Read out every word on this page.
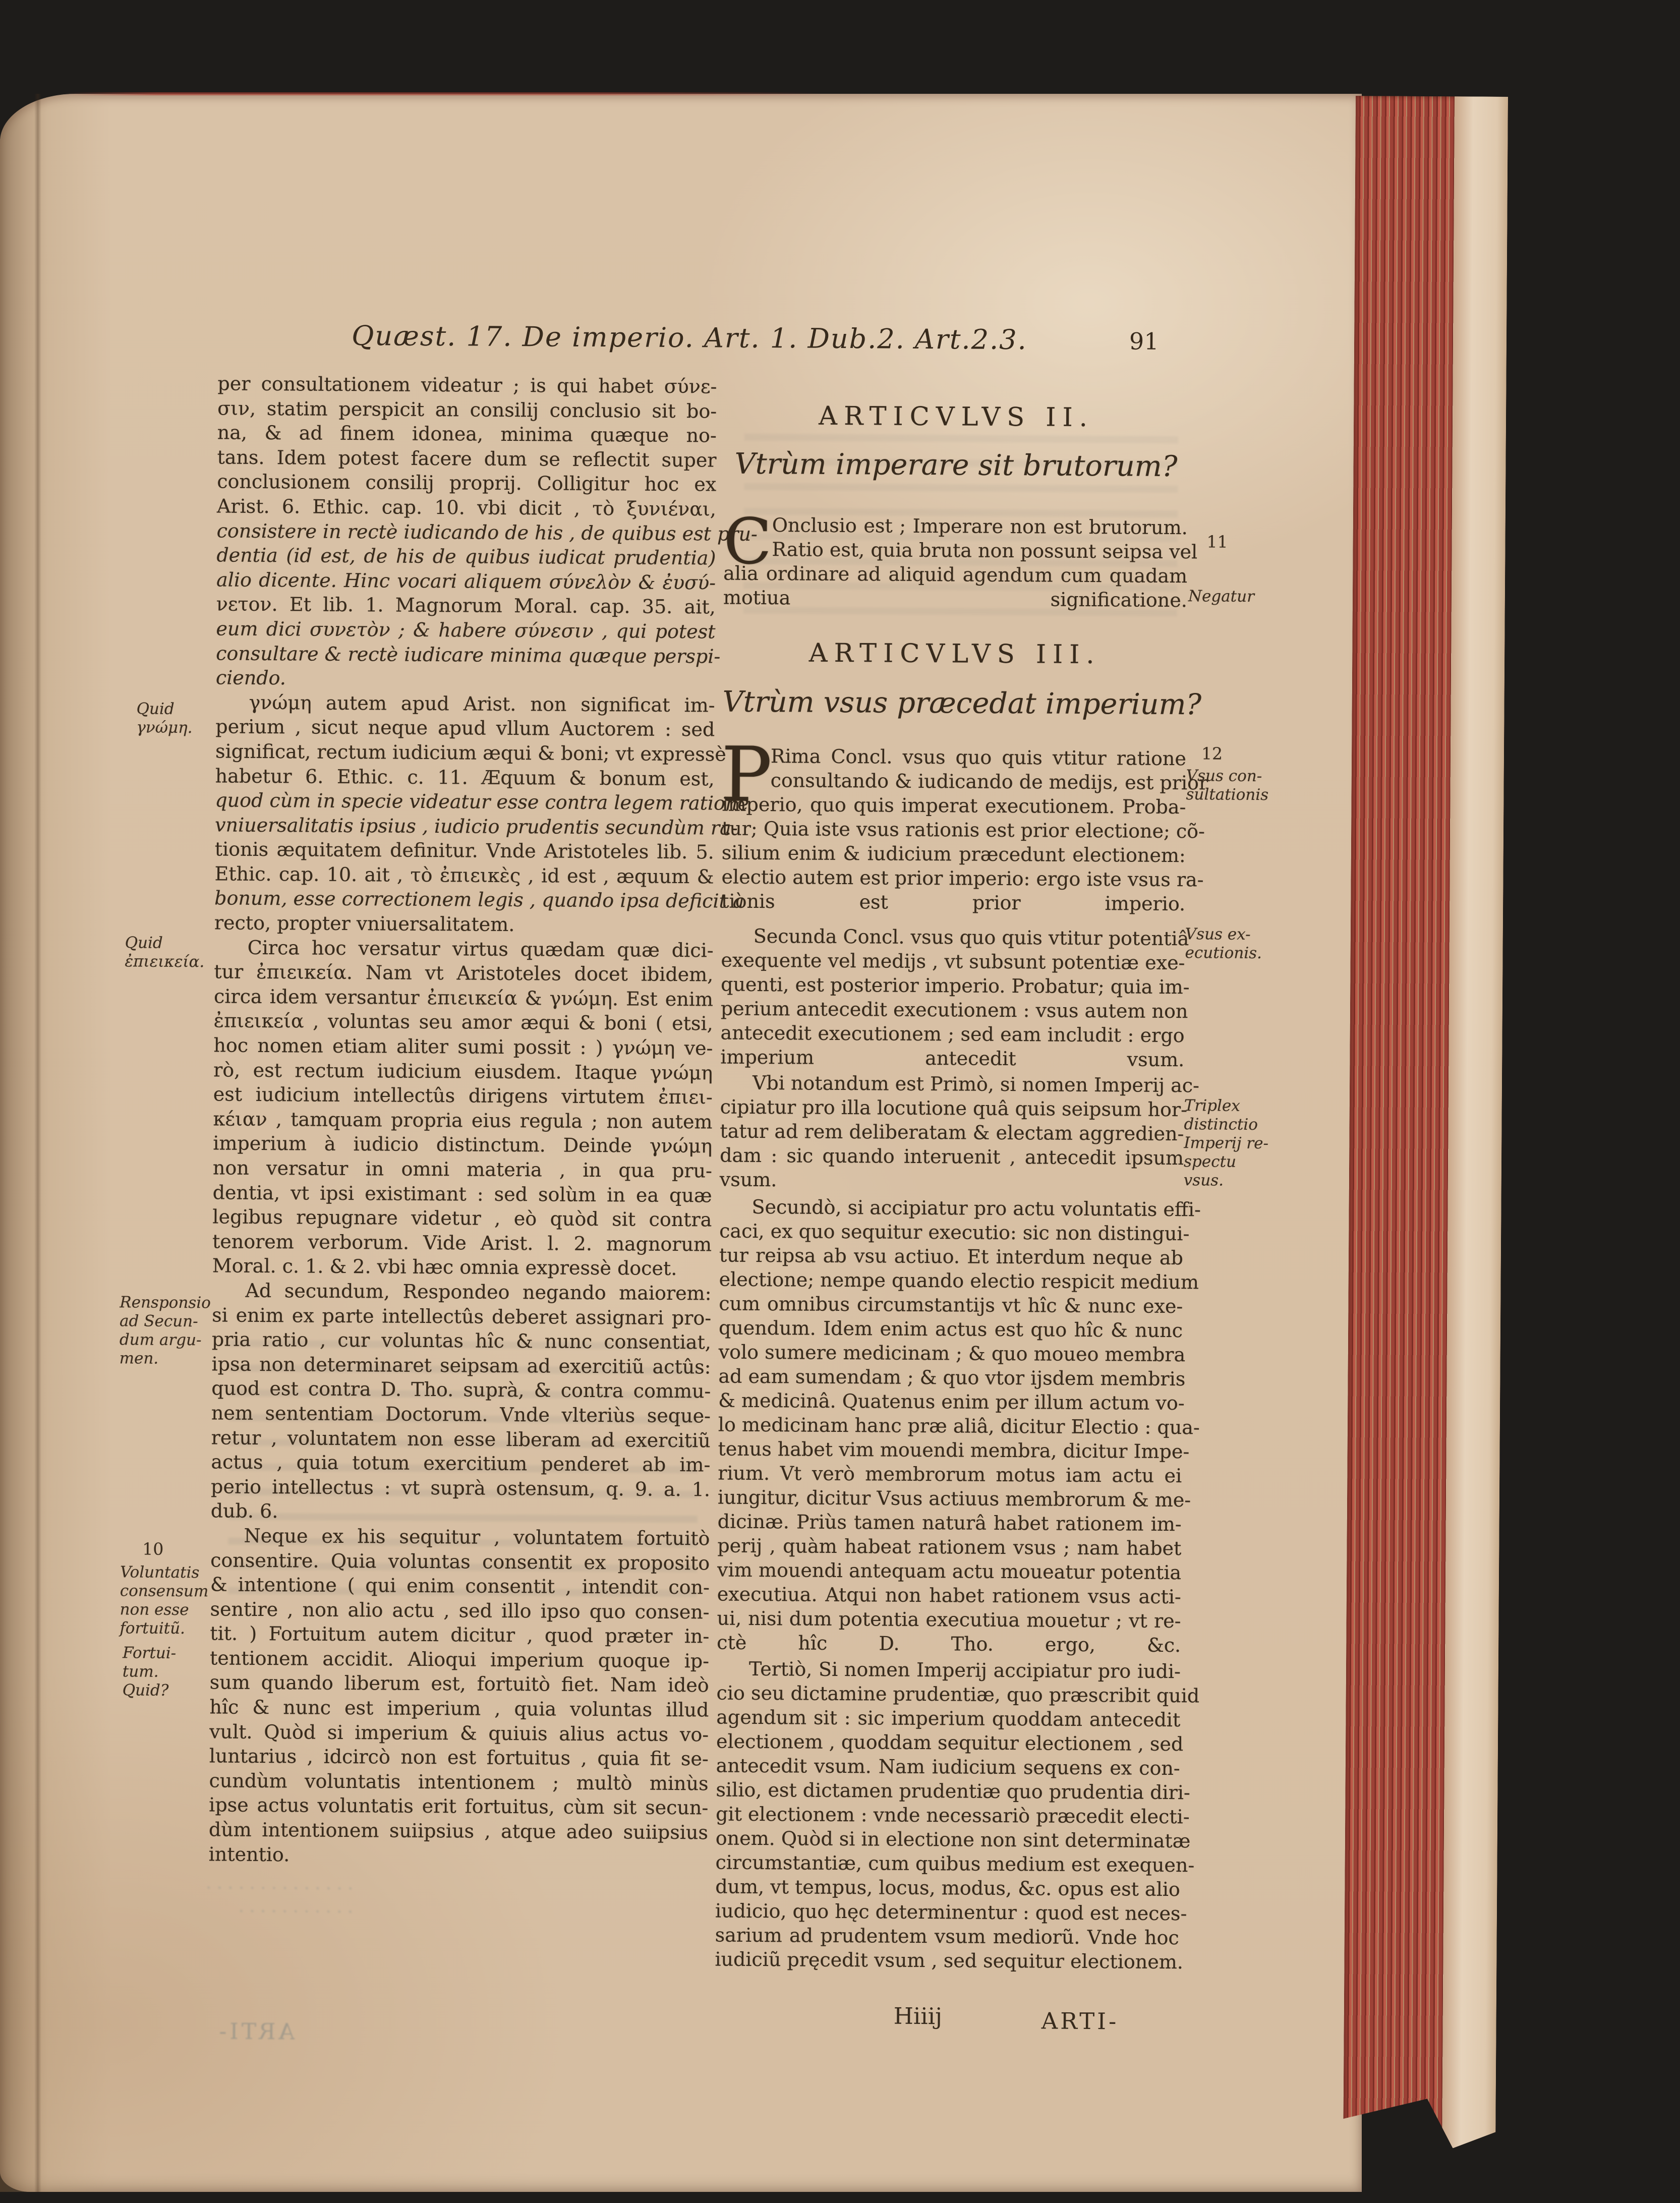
Quæst. 17. De imperio. Art. 1. Dub.2. Art.2.3.	91
· · · · · · · · · · · · · ·
· · · · · · · · · · ·
ARTI-
per consultationem videatur ; is qui habet σύνε-
σιν, statim perspicit an consilij conclusio sit bo-
na, & ad finem idonea, minima quæque no-
tans. Idem potest facere dum se reflectit super
conclusionem consilij proprij. Colligitur hoc ex
Arist. 6. Ethic. cap. 10. vbi dicit , τὸ ξυνιέναι,
consistere in rectè iudicando de his , de quibus est pru-
dentia (id est, de his de quibus iudicat prudentia)
alio dicente. Hinc vocari aliquem σύνελὸν & ἐυσύ-
νετον. Et lib. 1. Magnorum Moral. cap. 35. ait,
eum dici συνετὸν ; & habere σύνεσιν , qui potest
consultare & rectè iudicare minima quæque perspi-
ciendo.
γνώμη autem apud Arist. non significat im-
perium , sicut neque apud vllum Auctorem : sed
significat, rectum iudicium æqui & boni; vt expressè
habetur 6. Ethic. c. 11. Æquum & bonum est,
quod cùm in specie videatur esse contra legem ratione
vniuersalitatis ipsius , iudicio prudentis secundùm ra-
tionis æquitatem definitur. Vnde Aristoteles lib. 5.
Ethic. cap. 10. ait , τὸ ἐπιεικὲς , id est , æquum &
bonum, esse correctionem legis , quando ipsa deficit à
recto, propter vniuersalitatem.
Circa hoc versatur virtus quædam quæ dici-
tur ἐπιεικεία. Nam vt Aristoteles docet ibidem,
circa idem versantur ἐπιεικεία & γνώμη. Est enim
ἐπιεικεία , voluntas seu amor æqui & boni ( etsi,
hoc nomen etiam aliter sumi possit : ) γνώμη ve-
rò, est rectum iudicium eiusdem. Itaque γνώμη
est iudicium intellectûs dirigens virtutem ἐπιει-
κέιαν , tamquam propria eius regula ; non autem
imperium à iudicio distinctum. Deinde γνώμη
non versatur in omni materia , in qua pru-
dentia, vt ipsi existimant : sed solùm in ea quæ
legibus repugnare videtur , eò quòd sit contra
tenorem verborum. Vide Arist. l. 2. magnorum
Moral. c. 1. & 2. vbi hæc omnia expressè docet.
Ad secundum, Respondeo negando maiorem:
si enim ex parte intellectûs deberet assignari pro-
pria ratio , cur voluntas hîc & nunc consentiat,
ipsa non determinaret seipsam ad exercitiũ actûs:
quod est contra D. Tho. suprà, & contra commu-
nem sententiam Doctorum. Vnde vlteriùs seque-
retur , voluntatem non esse liberam ad exercitiũ
actus , quia totum exercitium penderet ab im-
perio intellectus : vt suprà ostensum, q. 9. a. 1.
dub. 6.
Neque ex his sequitur , voluntatem fortuitò
consentire. Quia voluntas consentit ex proposito
& intentione ( qui enim consentit , intendit con-
sentire , non alio actu , sed illo ipso quo consen-
tit. ) Fortuitum autem dicitur , quod præter in-
tentionem accidit. Alioqui imperium quoque ip-
sum quando liberum est, fortuitò fiet. Nam ideò
hîc & nunc est imperium , quia voluntas illud
vult. Quòd si imperium & quiuis alius actus vo-
luntarius , idcircò non est fortuitus , quia fit se-
cundùm voluntatis intentionem ; multò minùs
ipse actus voluntatis erit fortuitus, cùm sit secun-
dùm intentionem suiipsius , atque adeo suiipsius
intentio.
Quid
γνώμη.
Quid
ἐπιεικεία.
Rensponsio
ad Secun-
dum argu-
men.
10
Voluntatis
consensum
non esse
fortuitũ.
Fortui-
tum.
Quid?
ARTICVLVS II.
Vtrùm imperare sit brutorum?
C Onclusio est ; Imperare non est brutorum.
Ratio est, quia bruta non possunt seipsa vel
alia ordinare ad aliquid agendum cum quadam
motiua significatione.
ARTICVLVS III.
Vtrùm vsus præcedat imperium?
P
Rima Concl. vsus quo quis vtitur ratione
consultando & iudicando de medijs, est prior
imperio, quo quis imperat executionem. Proba-
tur; Quia iste vsus rationis est prior electione; cõ-
silium enim & iudicium præcedunt electionem:
electio autem est prior imperio: ergo iste vsus ra-
tionis est prior imperio.
Secunda Concl. vsus quo quis vtitur potentiâ
exequente vel medijs , vt subsunt potentiæ exe-
quenti, est posterior imperio. Probatur; quia im-
perium antecedit executionem : vsus autem non
antecedit executionem ; sed eam includit : ergo
imperium antecedit vsum.
Vbi notandum est Primò, si nomen Imperij ac-
cipiatur pro illa locutione quâ quis seipsum hor-
tatur ad rem deliberatam & electam aggredien-
dam : sic quando interuenit , antecedit ipsum
vsum.
Secundò, si accipiatur pro actu voluntatis effi-
caci, ex quo sequitur executio: sic non distingui-
tur reipsa ab vsu actiuo. Et interdum neque ab
electione; nempe quando electio respicit medium
cum omnibus circumstantijs vt hîc & nunc exe-
quendum. Idem enim actus est quo hîc & nunc
volo sumere medicinam ; & quo moueo membra
ad eam sumendam ; & quo vtor ijsdem membris
& medicinâ. Quatenus enim per illum actum vo-
lo medicinam hanc præ aliâ, dicitur Electio : qua-
tenus habet vim mouendi membra, dicitur Impe-
rium. Vt verò membrorum motus iam actu ei
iungitur, dicitur Vsus actiuus membrorum & me-
dicinæ. Priùs tamen naturâ habet rationem im-
perij , quàm habeat rationem vsus ; nam habet
vim mouendi antequam actu moueatur potentia
executiua. Atqui non habet rationem vsus acti-
ui, nisi dum potentia executiua mouetur ; vt re-
ctè hîc D. Tho. ergo, &c.
Tertiò, Si nomen Imperij accipiatur pro iudi-
cio seu dictamine prudentiæ, quo præscribit quid
agendum sit : sic imperium quoddam antecedit
electionem , quoddam sequitur electionem , sed
antecedit vsum. Nam iudicium sequens ex con-
silio, est dictamen prudentiæ quo prudentia diri-
git electionem : vnde necessariò præcedit electi-
onem. Quòd si in electione non sint determinatæ
circumstantiæ, cum quibus medium est exequen-
dum, vt tempus, locus, modus, &c. opus est alio
iudicio, quo hęc determinentur : quod est neces-
sarium ad prudentem vsum mediorũ. Vnde hoc
iudiciũ pręcedit vsum , sed sequitur electionem.
11
Negatur
12
Vsus con-
sultationis
Vsus ex-
ecutionis.
Triplex
distinctio
Imperij re-
spectu
vsus.
Hiiij	ARTI-
